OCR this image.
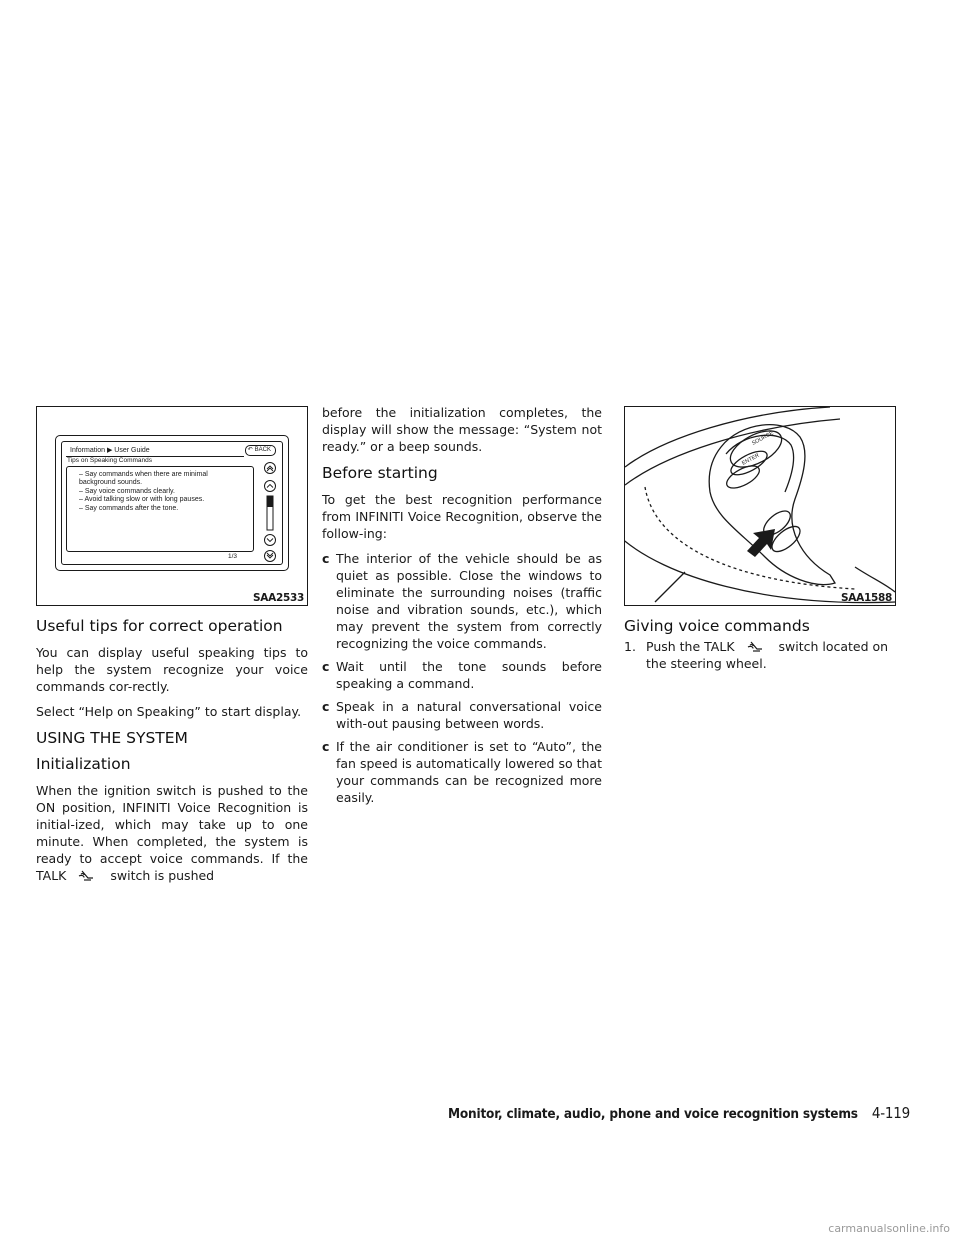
Information ▶ User Guide	↶ BACK
Tips on Speaking Commands
– Say commands when there are minimal
background sounds.
– Say voice commands clearly.
– Avoid talking slow or with long pauses.
– Say commands after the tone.
1/3
SAA2533
SOURCE
ENTER
SAA1588
Useful tips for correct operation

You can display useful speaking tips to help the system recognize your voice commands cor-rectly.

Select “Help on Speaking” to start display.

USING THE SYSTEM
Initialization

When the ignition switch is pushed to the ON position, INFINITI Voice Recognition is initial-ized, which may take up to one minute. When completed, the system is ready to accept voice commands. If the TALK	switch is pushed

before the initialization completes, the display will show the message: “System not ready.” or a beep sounds.

Before starting

To get the best recognition performance from INFINITI Voice Recognition, observe the follow-ing:

c The interior of the vehicle should be as quiet as possible. Close the windows to eliminate the surrounding noises (traffic noise and vibration sounds, etc.), which may prevent the system from correctly recognizing the voice commands.
c Wait until the tone sounds before speaking a command.
c Speak in a natural conversational voice with-out pausing between words.
c If the air conditioner is set to “Auto”, the fan speed is automatically lowered so that your commands can be recognized more easily.
Giving voice commands
1. Push the TALK	switch located on the steering wheel.
Monitor, climate, audio, phone and voice recognition systems 4-119
carmanualsonline.info
